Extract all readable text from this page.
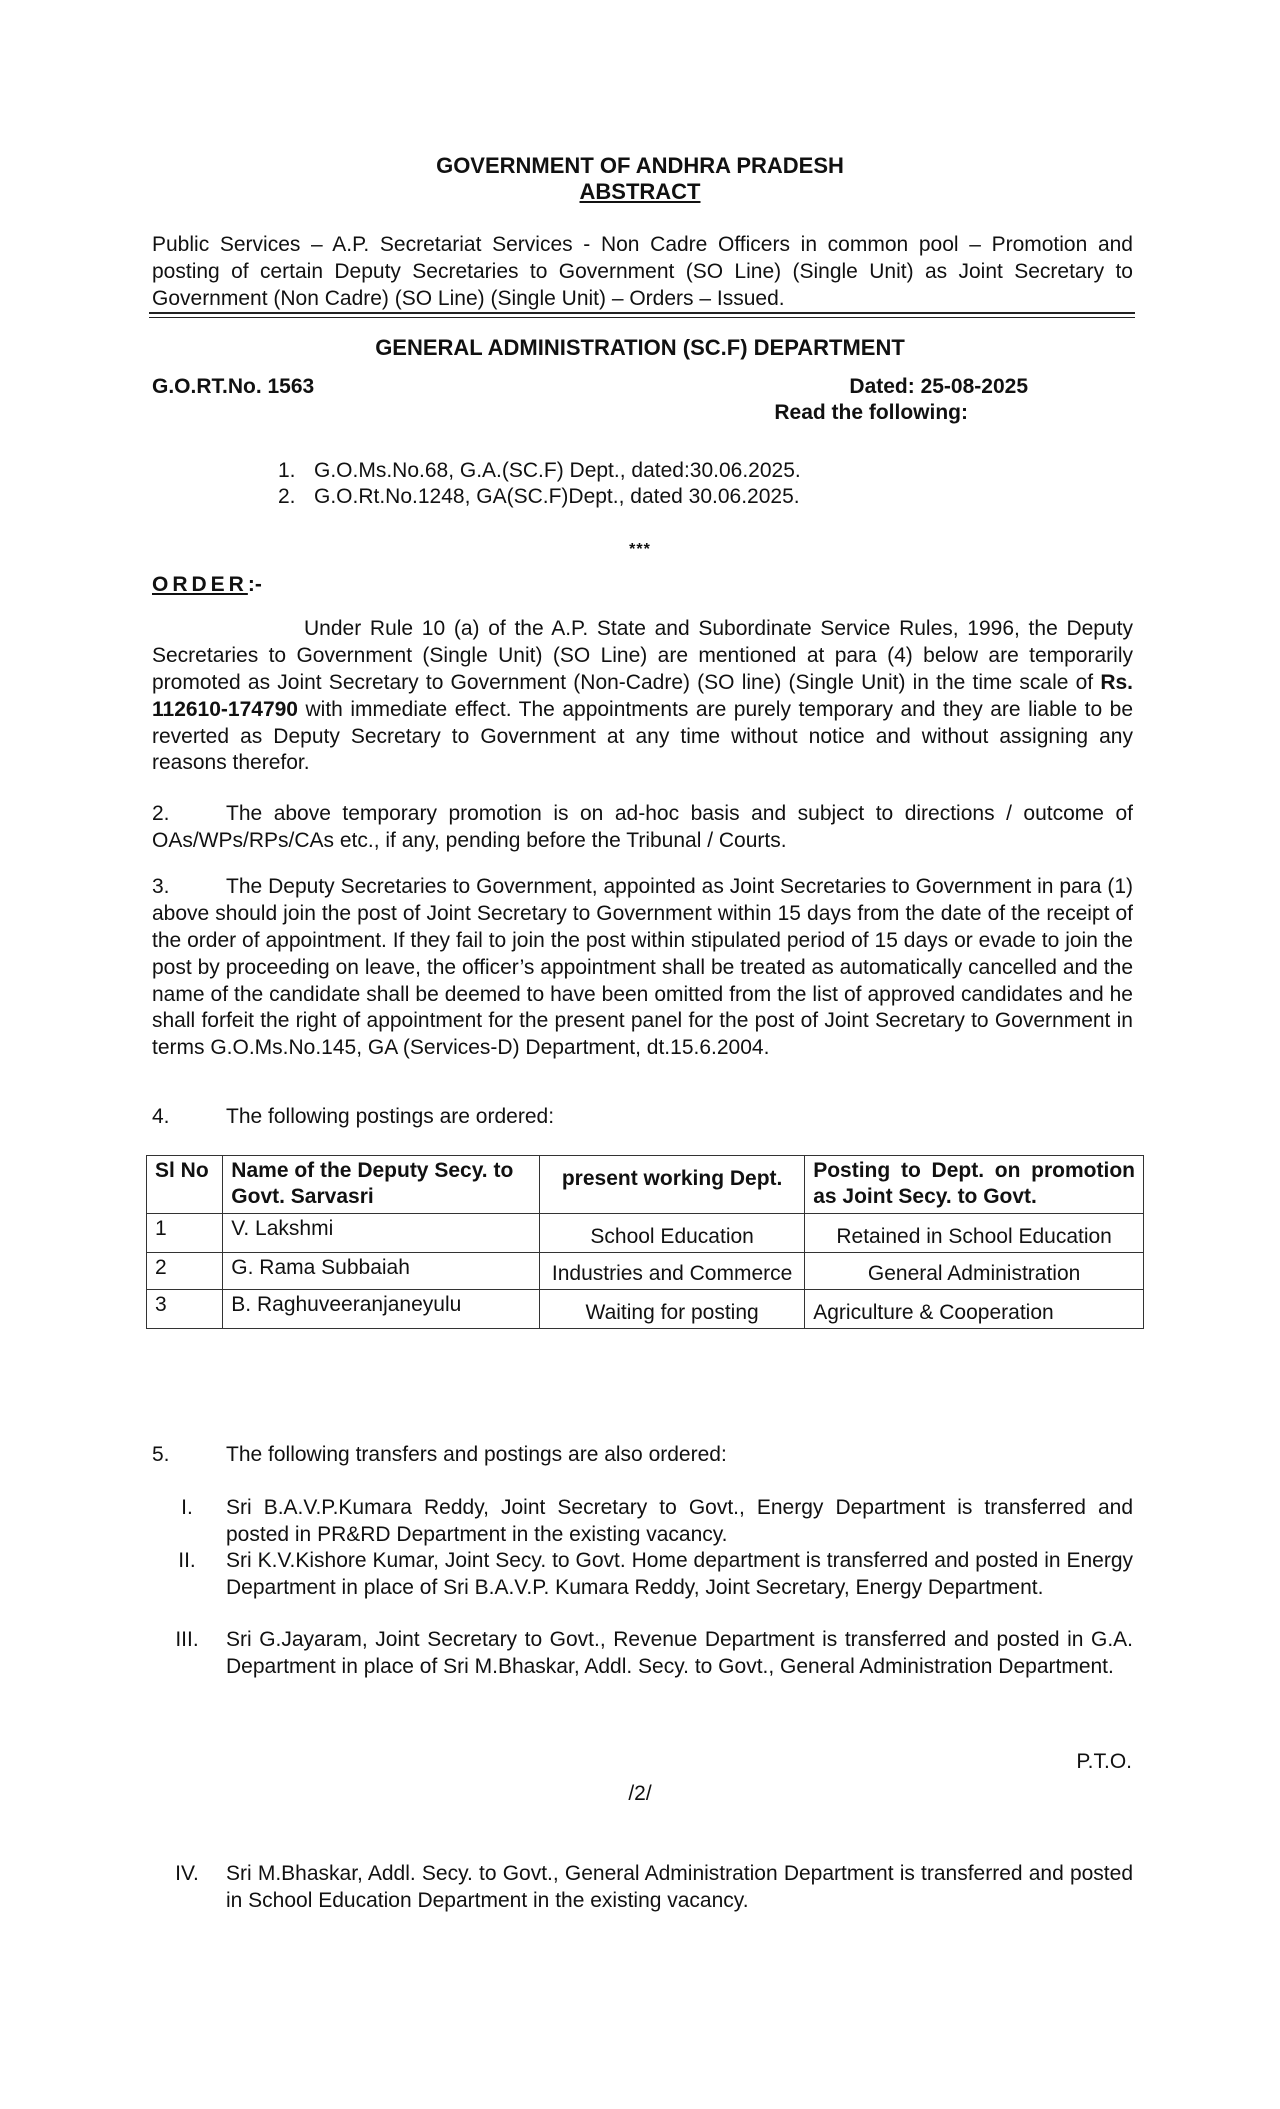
GOVERNMENT OF ANDHRA PRADESH
ABSTRACT
Public Services – A.P. Secretariat Services - Non Cadre Officers in common pool – Promotion and posting of certain Deputy Secretaries to Government (SO Line) (Single Unit) as Joint Secretary to Government (Non Cadre) (SO Line) (Single Unit) – Orders – Issued.
GENERAL ADMINISTRATION (SC.F) DEPARTMENT
G.O.RT.No. 1563	Dated: 25-08-2025
Read the following:
1. G.O.Ms.No.68, G.A.(SC.F) Dept., dated:30.06.2025.
2. G.O.Rt.No.1248, GA(SC.F)Dept., dated 30.06.2025.
***
ORDER:-
Under Rule 10 (a) of the A.P. State and Subordinate Service Rules, 1996, the Deputy Secretaries to Government (Single Unit) (SO Line) are mentioned at para (4) below are temporarily promoted as Joint Secretary to Government (Non-Cadre) (SO line) (Single Unit) in the time scale of Rs. 112610-174790 with immediate effect. The appointments are purely temporary and they are liable to be reverted as Deputy Secretary to Government at any time without notice and without assigning any reasons therefor.
2.	The above temporary promotion is on ad-hoc basis and subject to directions / outcome of OAs/WPs/RPs/CAs etc., if any, pending before the Tribunal / Courts.
3.	The Deputy Secretaries to Government, appointed as Joint Secretaries to Government in para (1) above should join the post of Joint Secretary to Government within 15 days from the date of the receipt of the order of appointment. If they fail to join the post within stipulated period of 15 days or evade to join the post by proceeding on leave, the officer’s appointment shall be treated as automatically cancelled and the name of the candidate shall be deemed to have been omitted from the list of approved candidates and he shall forfeit the right of appointment for the present panel for the post of Joint Secretary to Government in terms G.O.Ms.No.145, GA (Services-D) Department, dt.15.6.2004.
4.	The following postings are ordered:
Sl No	Name of the Deputy Secy. to Govt. Sarvasri	present working Dept.	Posting to Dept. on promotion as Joint Secy. to Govt.
1	V. Lakshmi	School Education	Retained in School Education
2	G. Rama Subbaiah	Industries and Commerce	General Administration
3	B. Raghuveeranjaneyulu	Waiting for posting	Agriculture & Cooperation
5.	The following transfers and postings are also ordered:
I.	Sri B.A.V.P.Kumara Reddy, Joint Secretary to Govt., Energy Department is transferred and posted in PR&RD Department in the existing vacancy.
II.	Sri K.V.Kishore Kumar, Joint Secy. to Govt. Home department is transferred and posted in Energy Department in place of Sri B.A.V.P. Kumara Reddy, Joint Secretary, Energy Department.
III.	Sri G.Jayaram, Joint Secretary to Govt., Revenue Department is transferred and posted in G.A. Department in place of Sri M.Bhaskar, Addl. Secy. to Govt., General Administration Department.
P.T.O.
/2/
IV.	Sri M.Bhaskar, Addl. Secy. to Govt., General Administration Department is transferred and posted in School Education Department in the existing vacancy.
